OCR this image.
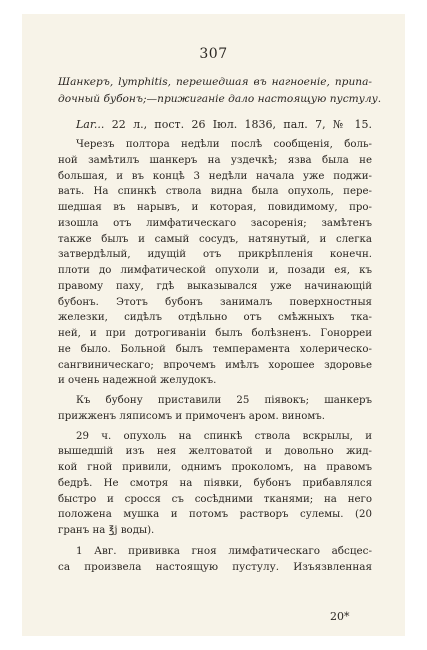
307
Шанкеръ, lymphitis, перешедшая въ нагноеніе, припа-
дочный бубонъ;—прижиганіе дало настоящую пустулу.
Lar... 22 л., пост. 26 Іюл. 1836, пал. 7, № 15.
Черезъ полтора недѣли послѣ сообщенія, боль-
ной замѣтилъ шанкеръ на уздечкѣ; язва была не
большая, и въ концѣ 3 недѣли начала уже поджи-
вать. На спинкѣ ствола видна была опухоль, пере-
шедшая въ нарывъ, и которая, повидимому, про-
изошла отъ лимфатическаго засоренія; замѣтенъ
также былъ и самый сосудъ, натянутый, и слегка
затвердѣлый, идущій отъ прикрѣпленія конечн.
плоти до лимфатической опухоли и, позади ея, къ
правому паху, гдѣ выказывался уже начинающій
бубонъ. Этотъ бубонъ занималъ поверхностныя
железки, сидѣлъ отдѣльно отъ смѣжныхъ ткa-
ней, и при дотрогиваніи былъ болѣзненъ. Гонорреи
не было. Больной былъ темперамента холерическо-
сангвиническаго; впрочемъ имѣлъ хорошее здоровье
и очень надежной желудокъ.
Къ бубону приставили 25 піявокъ; шанкеръ
прижженъ ляписомъ и примоченъ аром. виномъ.
29 ч. опухоль на спинкѣ ствола вскрылы, и
вышедшій изъ нея желтоватой и довольно жид-
кой гной привили, однимъ проколомъ, на правомъ
бедрѣ. Не смотря на піявки, бубонъ прибавлялся
быстро и сросся съ сосѣдними тканями; на него
положена мушка и потомъ растворъ сулемы. (20
гранъ на ℥j воды).
1 Авг. прививка гноя лимфатическаго абсцес-
са произвела настоящую пустулу. Изъязвленная
20*
